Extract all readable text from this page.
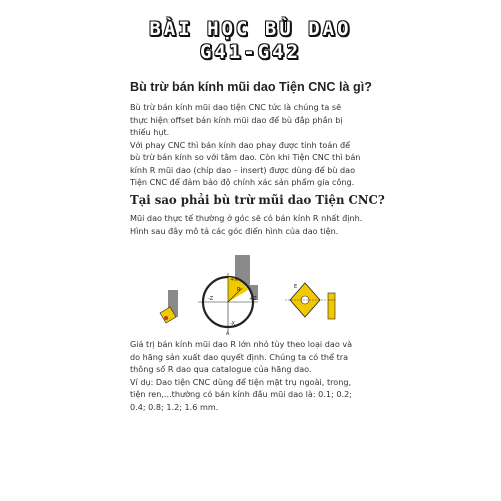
BÀI HỌC BÙ DAO
G41-G42
Bù trừ bán kính mũi dao Tiện CNC là gì?
Bù trừ bán kính mũi dao tiện CNC tức là chúng ta sẽ
thực hiện offset bán kính mũi dao để bù đắp phần bị
thiếu hụt.
Với phay CNC thì bán kính dao phay được tính toán để
bù trừ bán kính so với tâm dao. Còn khi Tiện CNC thì bán
kính R mũi dao (chíp dao – insert) được dùng để bù dao
Tiện CNC để đảm bảo độ chính xác sản phẩm gia công.
Tại sao phải bù trừ mũi dao Tiện CNC?
Mũi dao thực tế thường ở góc sẽ có bán kính R nhất định.
Hình sau đây mô tả các góc điển hình của dao tiện.
-Z	+Z
+X
-X
R
A
E
Giá trị bán kính mũi dao R lớn nhỏ tùy theo loại dao và
do hãng sản xuất dao quyết định. Chúng ta có thể tra
thông số R dao qua catalogue của hãng dao.
Ví dụ: Dao tiện CNC dùng để tiện mặt trụ ngoài, trong,
tiện ren,...thường có bán kính đầu mũi dao là: 0.1; 0.2;
0.4; 0.8; 1.2; 1.6 mm.
